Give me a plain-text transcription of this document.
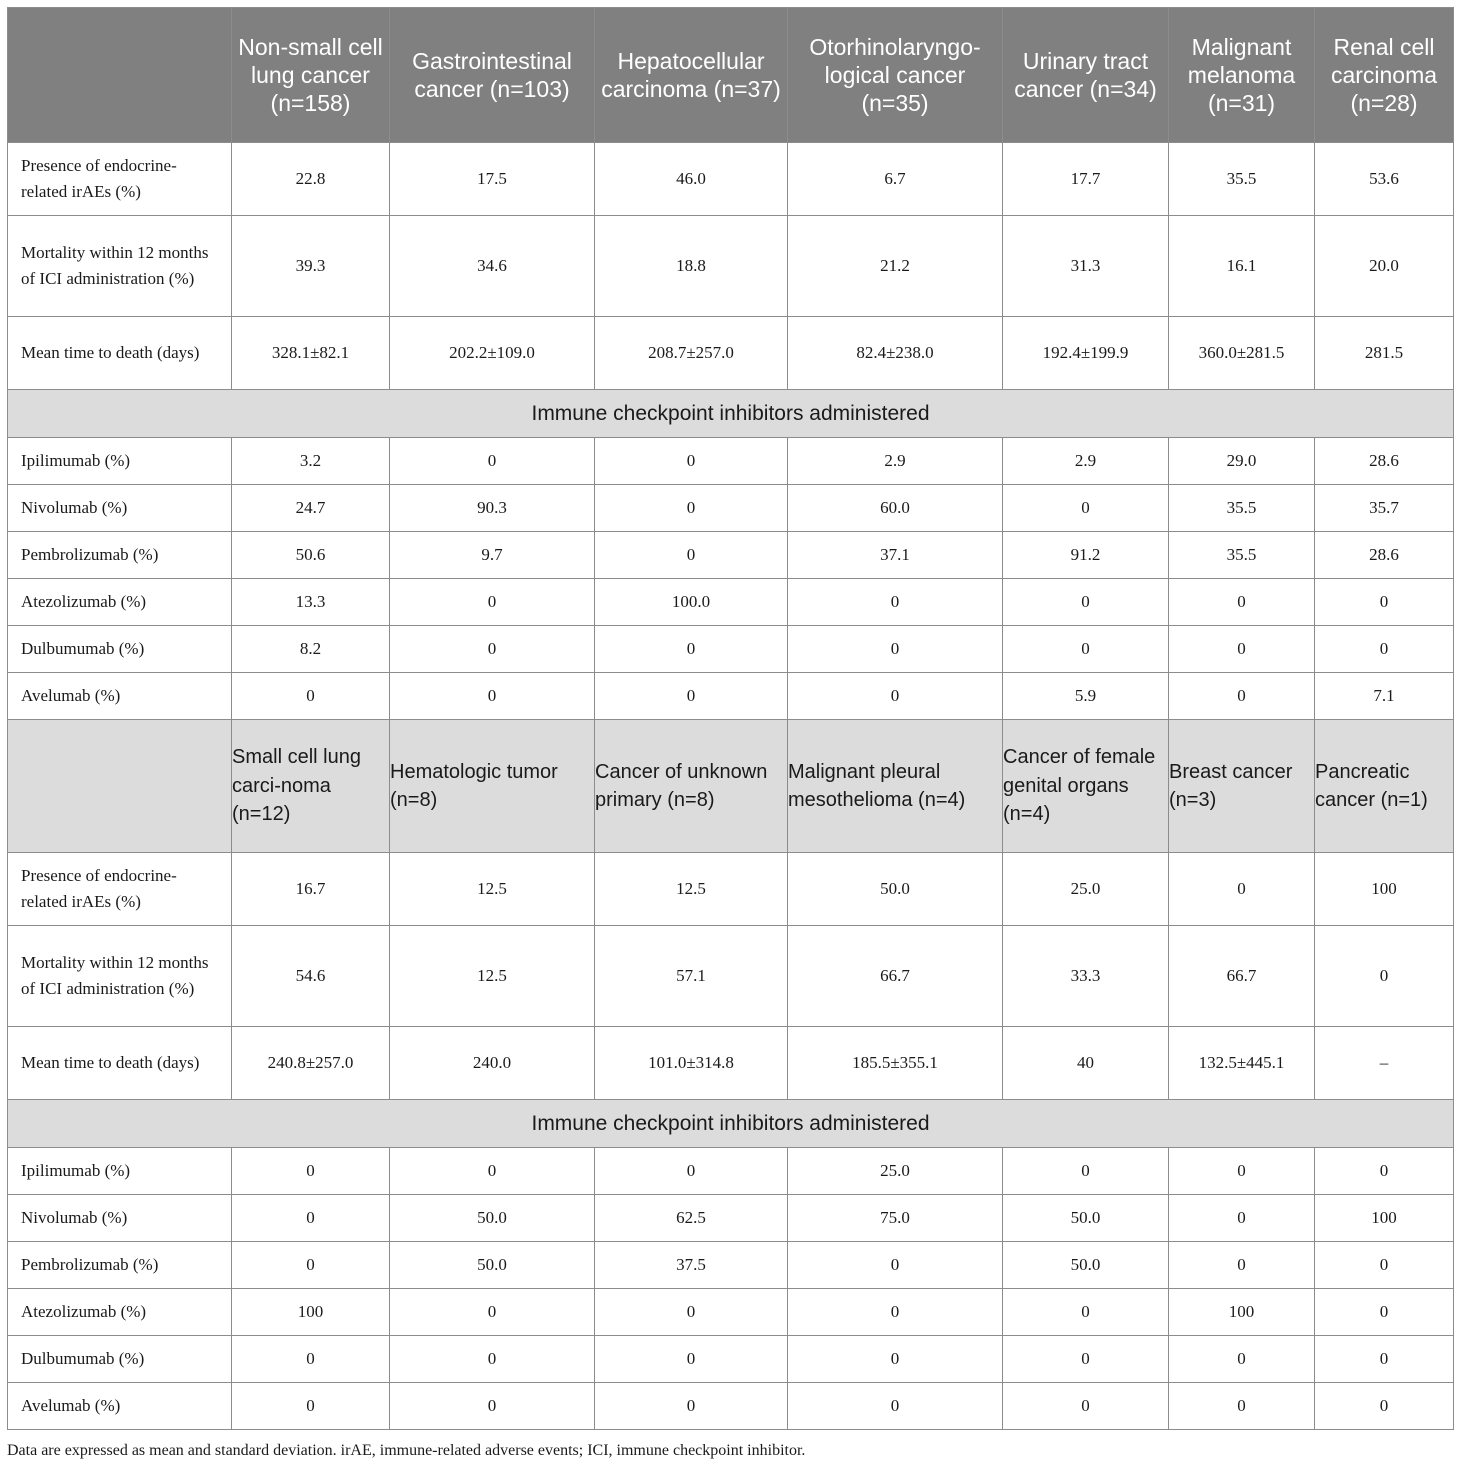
	Non-small cell lung cancer (n=158)	Gastrointestinal cancer (n=103)	Hepatocellular carcinoma (n=37)	Otorhinolaryngo-logical cancer (n=35)	Urinary tract cancer (n=34)	Malignant melanoma (n=31)	Renal cell carcinoma (n=28)
Presence of endocrine-related irAEs (%)	22.8	17.5	46.0	6.7	17.7	35.5	53.6
Mortality within 12 months of ICI administration (%)	39.3	34.6	18.8	21.2	31.3	16.1	20.0
Mean time to death (days)	328.1±82.1	202.2±109.0	208.7±257.0	82.4±238.0	192.4±199.9	360.0±281.5	281.5
Immune checkpoint inhibitors administered							
Ipilimumab (%)	3.2	0	0	2.9	2.9	29.0	28.6
Nivolumab (%)	24.7	90.3	0	60.0	0	35.5	35.7
Pembrolizumab (%)	50.6	9.7	0	37.1	91.2	35.5	28.6
Atezolizumab (%)	13.3	0	100.0	0	0	0	0
Dulbumumab (%)	8.2	0	0	0	0	0	0
Avelumab (%)	0	0	0	0	5.9	0	7.1
	Small cell lung carci-noma (n=12)	Hematologic tumor (n=8)	Cancer of unknown primary (n=8)	Malignant pleural mesothelioma (n=4)	Cancer of female genital organs (n=4)	Breast cancer (n=3)	Pancreatic cancer (n=1)
Presence of endocrine-related irAEs (%)	16.7	12.5	12.5	50.0	25.0	0	100
Mortality within 12 months of ICI administration (%)	54.6	12.5	57.1	66.7	33.3	66.7	0
Mean time to death (days)	240.8±257.0	240.0	101.0±314.8	185.5±355.1	40	132.5±445.1	–
Immune checkpoint inhibitors administered							
Ipilimumab (%)	0	0	0	25.0	0	0	0
Nivolumab (%)	0	50.0	62.5	75.0	50.0	0	100
Pembrolizumab (%)	0	50.0	37.5	0	50.0	0	0
Atezolizumab (%)	100	0	0	0	0	100	0
Dulbumumab (%)	0	0	0	0	0	0	0
Avelumab (%)	0	0	0	0	0	0	0
Data are expressed as mean and standard deviation. irAE, immune-related adverse events; ICI, immune checkpoint inhibitor.
